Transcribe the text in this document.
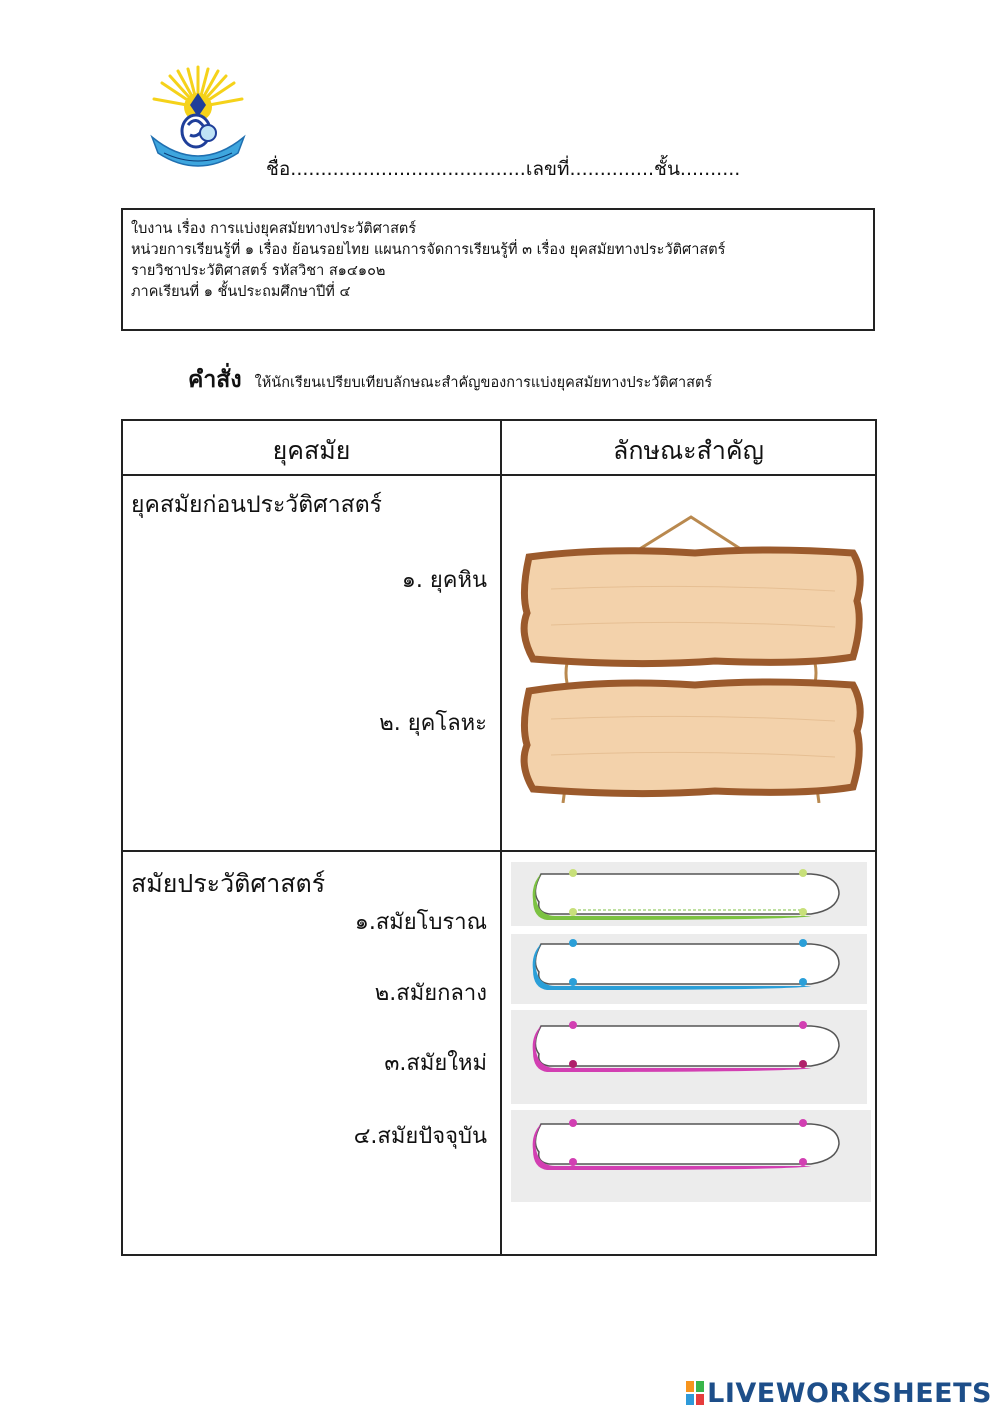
ชื่อ.......................................เลขที่..............ชั้น..........
ใบงาน เรื่อง การแบ่งยุคสมัยทางประวัติศาสตร์
หน่วยการเรียนรู้ที่ ๑ เรื่อง ย้อนรอยไทย แผนการจัดการเรียนรู้ที่ ๓ เรื่อง ยุคสมัยทางประวัติศาสตร์
รายวิชาประวัติศาสตร์ รหัสวิชา ส๑๔๑๐๒
ภาคเรียนที่ ๑ ชั้นประถมศึกษาปีที่ ๔
คำสั่ง ให้นักเรียนเปรียบเทียบลักษณะสำคัญของการแบ่งยุคสมัยทางประวัติศาสตร์
ยุคสมัย	ลักษณะสำคัญ
ยุคสมัยก่อนประวัติศาสตร์
๑. ยุคหิน
๒. ยุคโลหะ
สมัยประวัติศาสตร์
๑.สมัยโบราณ
๒.สมัยกลาง
๓.สมัยใหม่
๔.สมัยปัจจุบัน
LIVEWORKSHEETS
